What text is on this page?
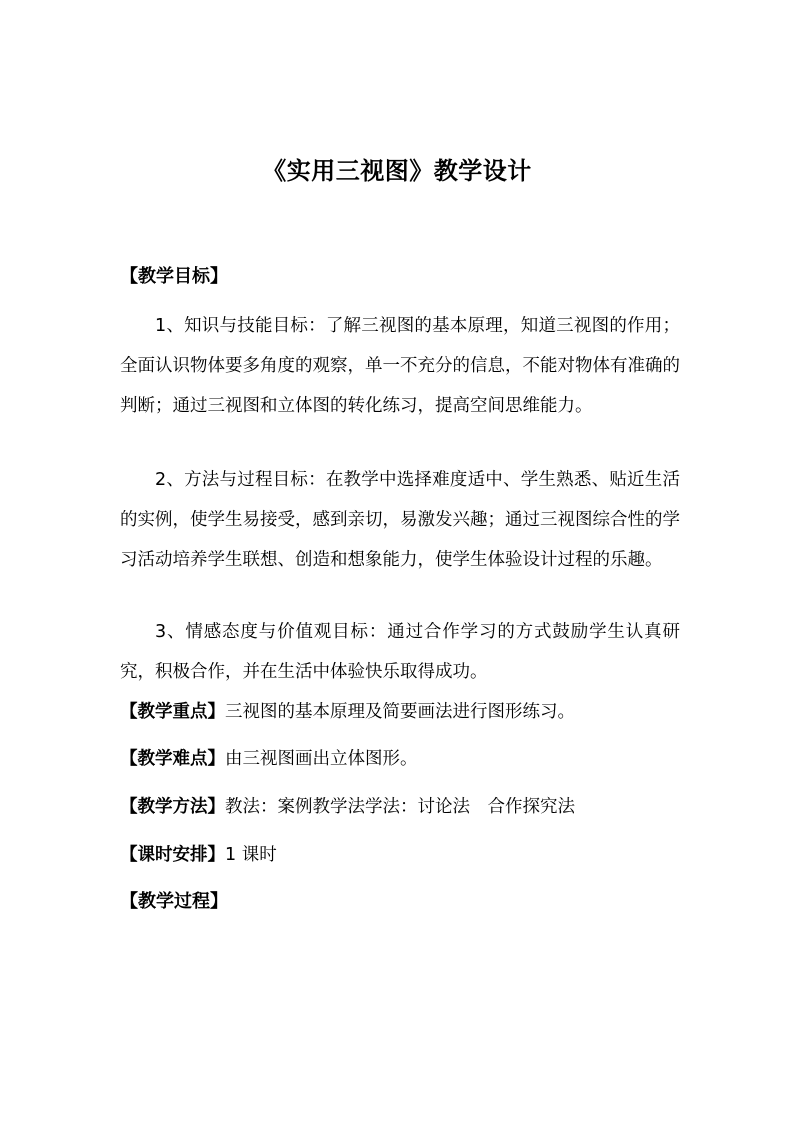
《实用三视图》教学设计
【教学目标】

1、知识与技能目标：了解三视图的基本原理，知道三视图的作用；全面认识物体要多角度的观察，单一不充分的信息，不能对物体有准确的判断；通过三视图和立体图的转化练习，提高空间思维能力。

2、方法与过程目标：在教学中选择难度适中、学生熟悉、贴近生活的实例，使学生易接受，感到亲切，易激发兴趣；通过三视图综合性的学习活动培养学生联想、创造和想象能力，使学生体验设计过程的乐趣。

3、情感态度与价值观目标：通过合作学习的方式鼓励学生认真研究，积极合作，并在生活中体验快乐取得成功。

【教学重点】三视图的基本原理及简要画法进行图形练习。
【教学难点】由三视图画出立体图形。
【教学方法】教法：案例教学法学法：讨论法　合作探究法
【课时安排】1 课时
【教学过程】
